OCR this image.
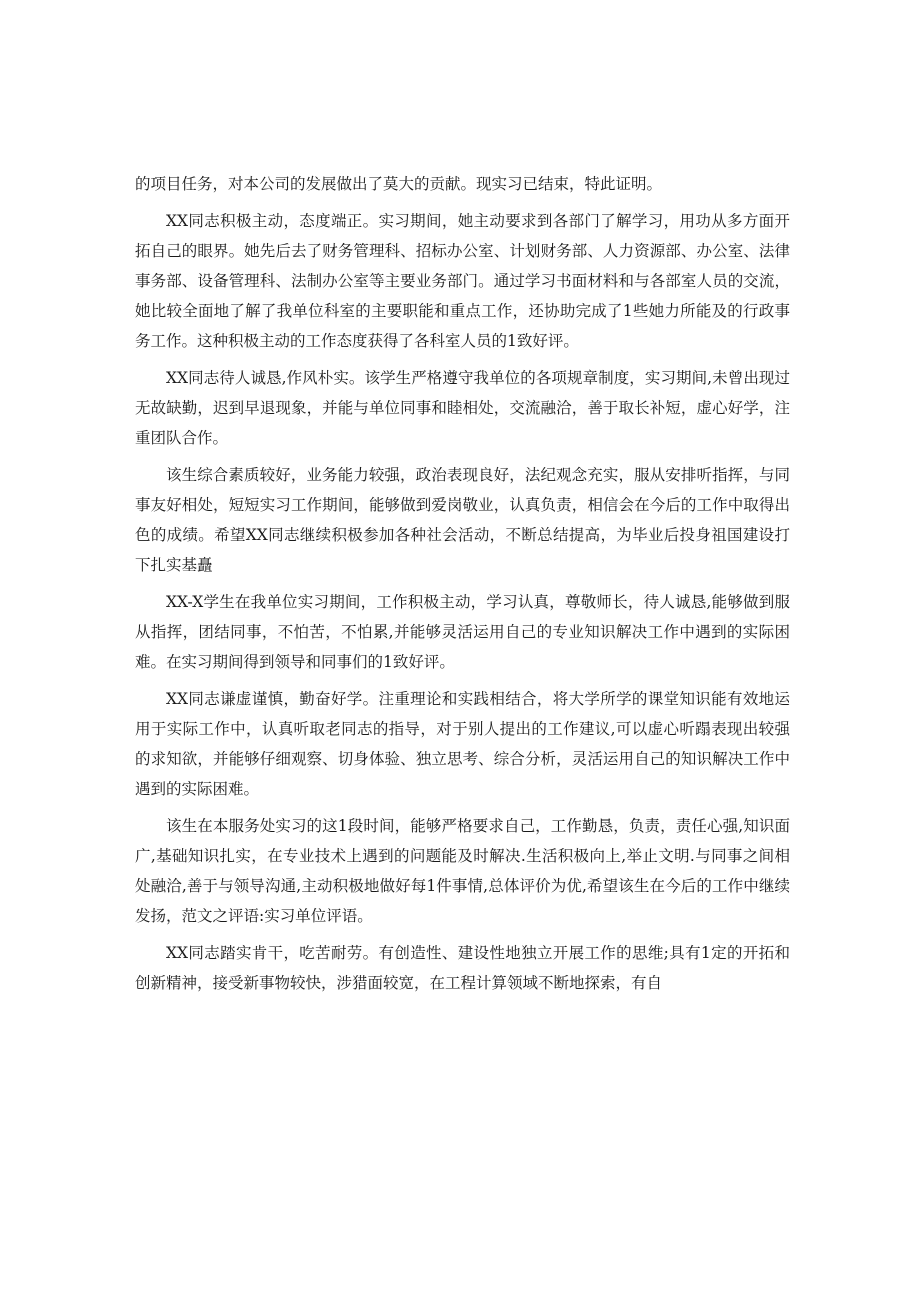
的项目任务，对本公司的发展做出了莫大的贡献。现实习已结束，特此证明。

XX同志积极主动，态度端正。实习期间，她主动要求到各部门了解学习，用功从多方面开拓自己的眼界。她先后去了财务管理科、招标办公室、计划财务部、人力资源部、办公室、法律事务部、设备管理科、法制办公室等主要业务部门。通过学习书面材料和与各部室人员的交流，她比较全面地了解了我单位科室的主要职能和重点工作，还协助完成了1些她力所能及的行政事务工作。这种积极主动的工作态度获得了各科室人员的1致好评。

XX同志待人诚恳,作风朴实。该学生严格遵守我单位的各项规章制度，实习期间,未曾出现过无故缺勤，迟到早退现象，并能与单位同事和睦相处，交流融洽，善于取长补短，虚心好学，注重团队合作。

该生综合素质较好，业务能力较强，政治表现良好，法纪观念充实，服从安排听指挥，与同事友好相处，短短实习工作期间，能够做到爱岗敬业，认真负责，相信会在今后的工作中取得出色的成绩。希望XX同志继续积极参加各种社会活动，不断总结提高，为毕业后投身祖国建设打下扎实基矗

XX-X学生在我单位实习期间，工作积极主动，学习认真，尊敬师长，待人诚恳,能够做到服从指挥，团结同事，不怕苦，不怕累,并能够灵活运用自己的专业知识解决工作中遇到的实际困难。在实习期间得到领导和同事们的1致好评。

XX同志谦虚谨慎，勤奋好学。注重理论和实践相结合，将大学所学的课堂知识能有效地运用于实际工作中，认真听取老同志的指导，对于别人提出的工作建议,可以虚心听蹋表现出较强的求知欲，并能够仔细观察、切身体验、独立思考、综合分析，灵活运用自己的知识解决工作中遇到的实际困难。

该生在本服务处实习的这1段时间，能够严格要求自己，工作勤恳，负责，责任心强,知识面广,基础知识扎实，在专业技术上遇到的问题能及时解决.生活积极向上,举止文明.与同事之间相处融洽,善于与领导沟通,主动积极地做好每1件事情,总体评价为优,希望该生在今后的工作中继续发扬，范文之评语:实习单位评语。

XX同志踏实肯干，吃苦耐劳。有创造性、建设性地独立开展工作的思维;具有1定的开拓和创新精神，接受新事物较快，涉猎面较宽，在工程计算领域不断地探索，有自
